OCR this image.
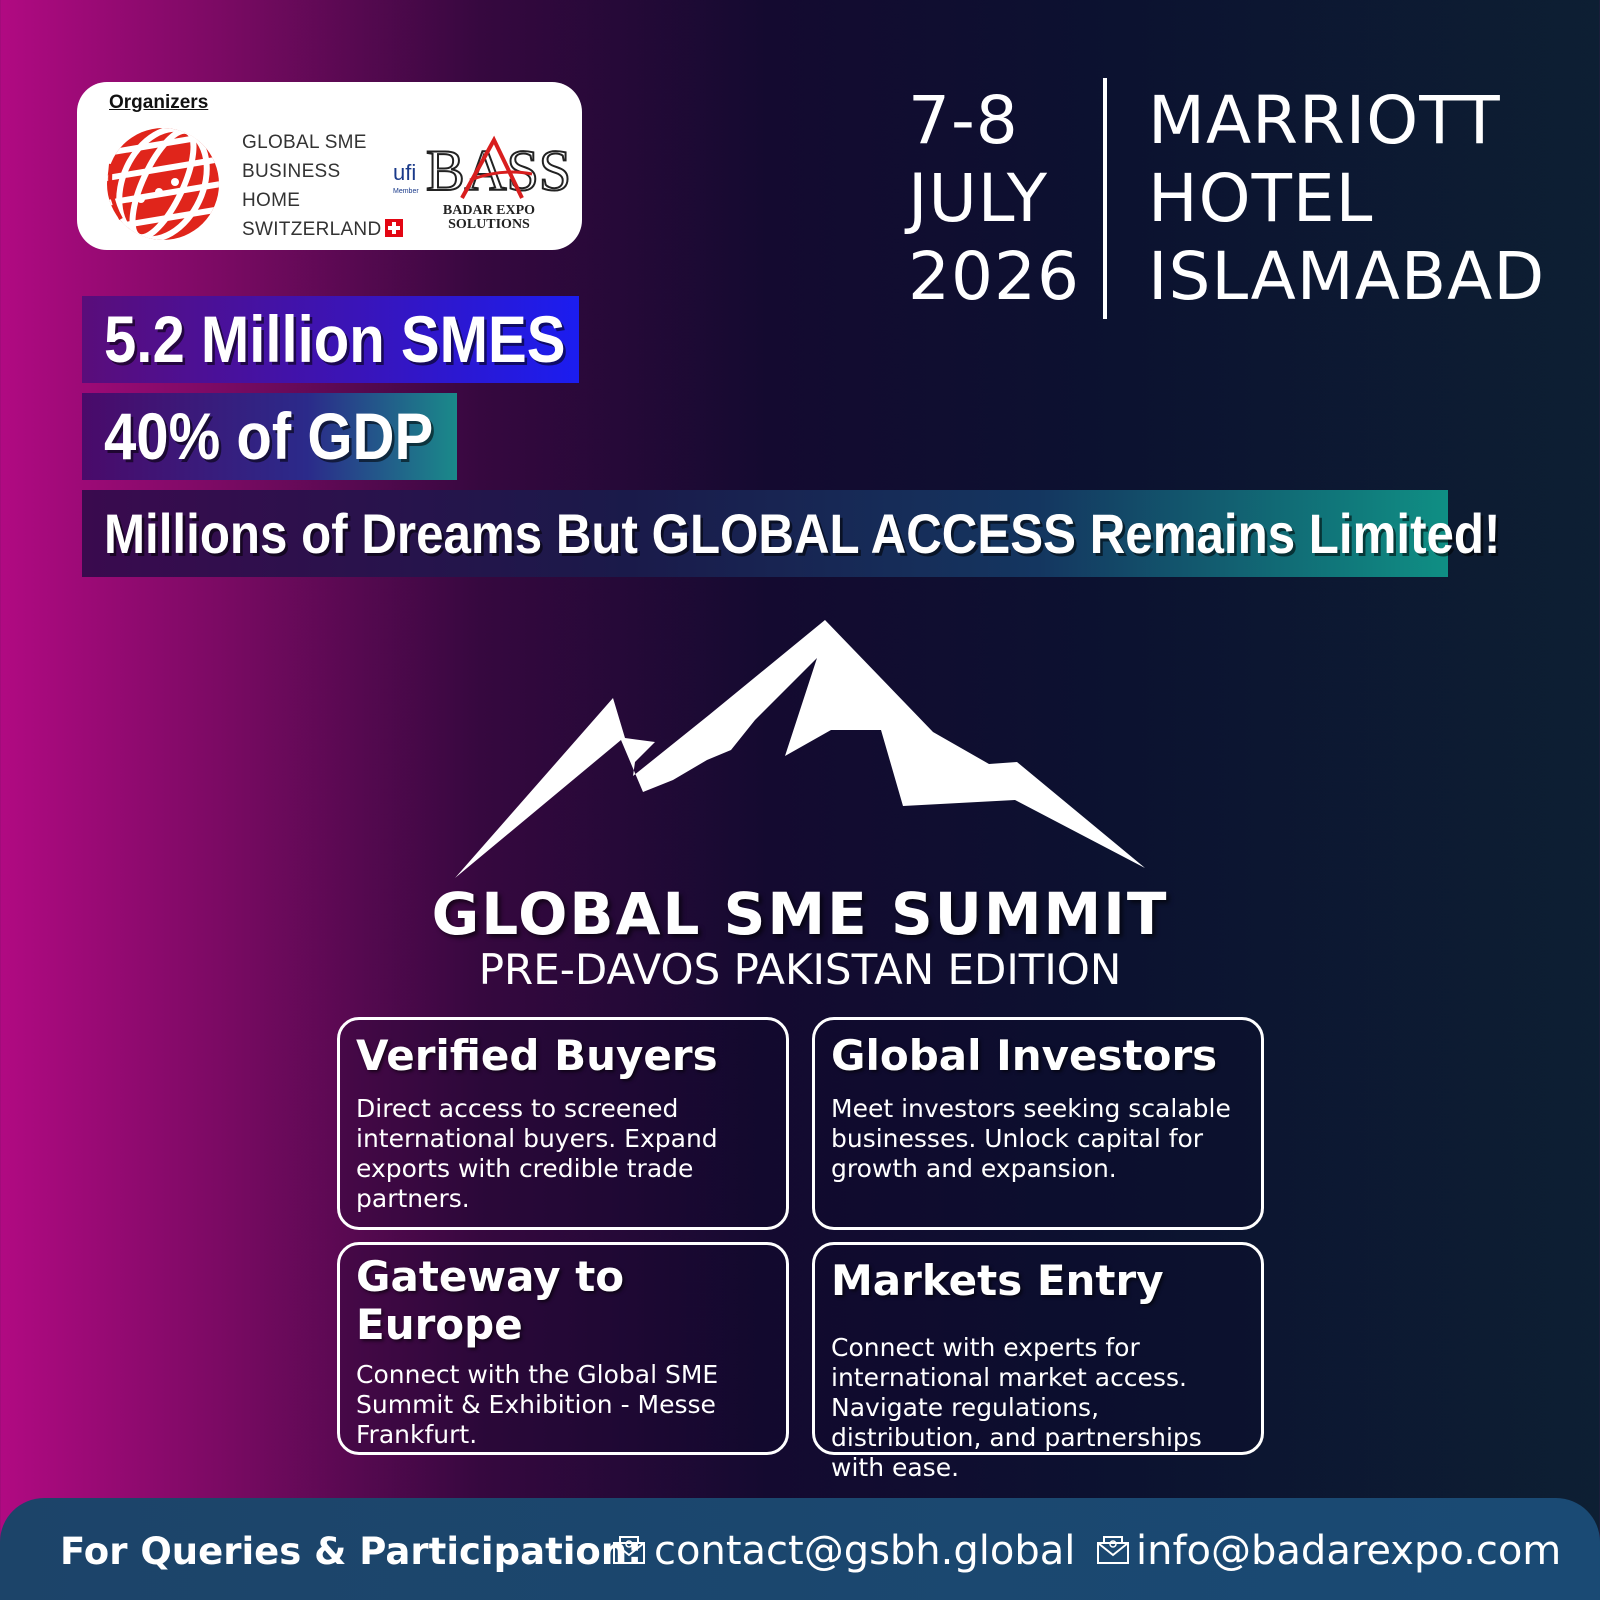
Organizers
GLOBAL SME
BUSINESS
HOME
SWITZERLAND
ufi
Member BASS
BADAR EXPO SOLUTIONS
7-8
JULY
2026
MARRIOTT
HOTEL
ISLAMABAD
5.2 Million SMES
40% of GDP
Millions of Dreams But GLOBAL ACCESS Remains Limited!
GLOBAL SME SUMMIT
PRE-DAVOS PAKISTAN EDITION
Verified Buyers
Direct access to screened international buyers. Expand exports with credible trade partners.
Global Investors
Meet investors seeking scalable businesses. Unlock capital for growth and expansion.
Gateway to Europe
Connect with the Global SME Summit & Exhibition - Messe Frankfurt.
Markets Entry
Connect with experts for international market access. Navigate regulations, distribution, and partnerships with ease.
For Queries & Participation: contact@gsbh.global info@badarexpo.com
